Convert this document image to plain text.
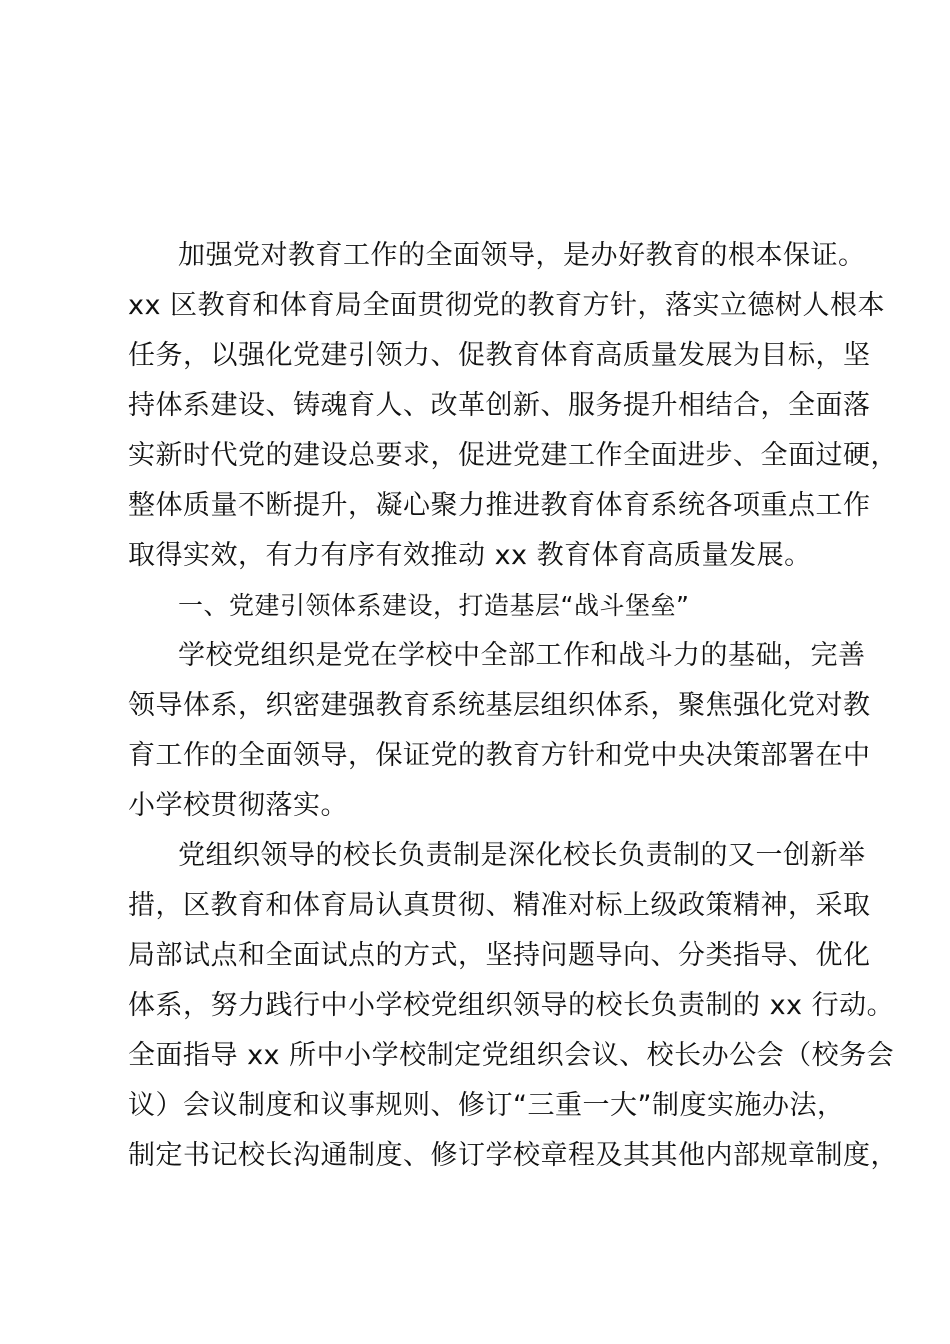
加强党对教育工作的全面领导，是办好教育的根本保证。
xx 区教育和体育局全面贯彻党的教育方针，落实立德树人根本
任务，以强化党建引领力、促教育体育高质量发展为目标，坚
持体系建设、铸魂育人、改革创新、服务提升相结合，全面落
实新时代党的建设总要求，促进党建工作全面进步、全面过硬，
整体质量不断提升，凝心聚力推进教育体育系统各项重点工作
取得实效，有力有序有效推动 xx 教育体育高质量发展。
一、党建引领体系建设，打造基层“战斗堡垒”
学校党组织是党在学校中全部工作和战斗力的基础，完善
领导体系，织密建强教育系统基层组织体系，聚焦强化党对教
育工作的全面领导，保证党的教育方针和党中央决策部署在中
小学校贯彻落实。
党组织领导的校长负责制是深化校长负责制的又一创新举
措，区教育和体育局认真贯彻、精准对标上级政策精神，采取
局部试点和全面试点的方式，坚持问题导向、分类指导、优化
体系，努力践行中小学校党组织领导的校长负责制的 xx 行动。
全面指导 xx 所中小学校制定党组织会议、校长办公会（校务会
议）会议制度和议事规则、修订“三重一大”制度实施办法，
制定书记校长沟通制度、修订学校章程及其其他内部规章制度，
